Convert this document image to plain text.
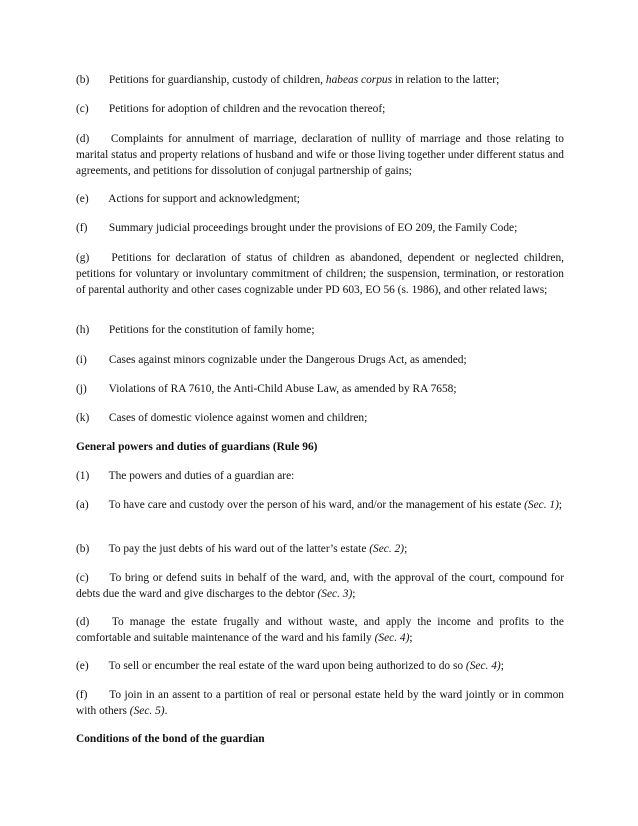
(b) Petitions for guardianship, custody of children, habeas corpus in relation to the latter;

(c) Petitions for adoption of children and the revocation thereof;

(d) Complaints for annulment of marriage, declaration of nullity of marriage and those relating to marital status and property relations of husband and wife or those living together under different status and agreements, and petitions for dissolution of conjugal partnership of gains;

(e) Actions for support and acknowledgment;

(f) Summary judicial proceedings brought under the provisions of EO 209, the Family Code;

(g) Petitions for declaration of status of children as abandoned, dependent or neglected children, petitions for voluntary or involuntary commitment of children; the suspension, termination, or restoration of parental authority and other cases cognizable under PD 603, EO 56 (s. 1986), and other related laws;

(h) Petitions for the constitution of family home;

(i) Cases against minors cognizable under the Dangerous Drugs Act, as amended;

(j) Violations of RA 7610, the Anti-Child Abuse Law, as amended by RA 7658;

(k) Cases of domestic violence against women and children;

General powers and duties of guardians (Rule 96)

(1) The powers and duties of a guardian are:

(a) To have care and custody over the person of his ward, and/or the management of his estate (Sec. 1);

(b) To pay the just debts of his ward out of the latter’s estate (Sec. 2);

(c) To bring or defend suits in behalf of the ward, and, with the approval of the court, compound for debts due the ward and give discharges to the debtor (Sec. 3);

(d) To manage the estate frugally and without waste, and apply the income and profits to the comfortable and suitable maintenance of the ward and his family (Sec. 4);

(e) To sell or encumber the real estate of the ward upon being authorized to do so (Sec. 4);

(f) To join in an assent to a partition of real or personal estate held by the ward jointly or in common with others (Sec. 5).

Conditions of the bond of the guardian
